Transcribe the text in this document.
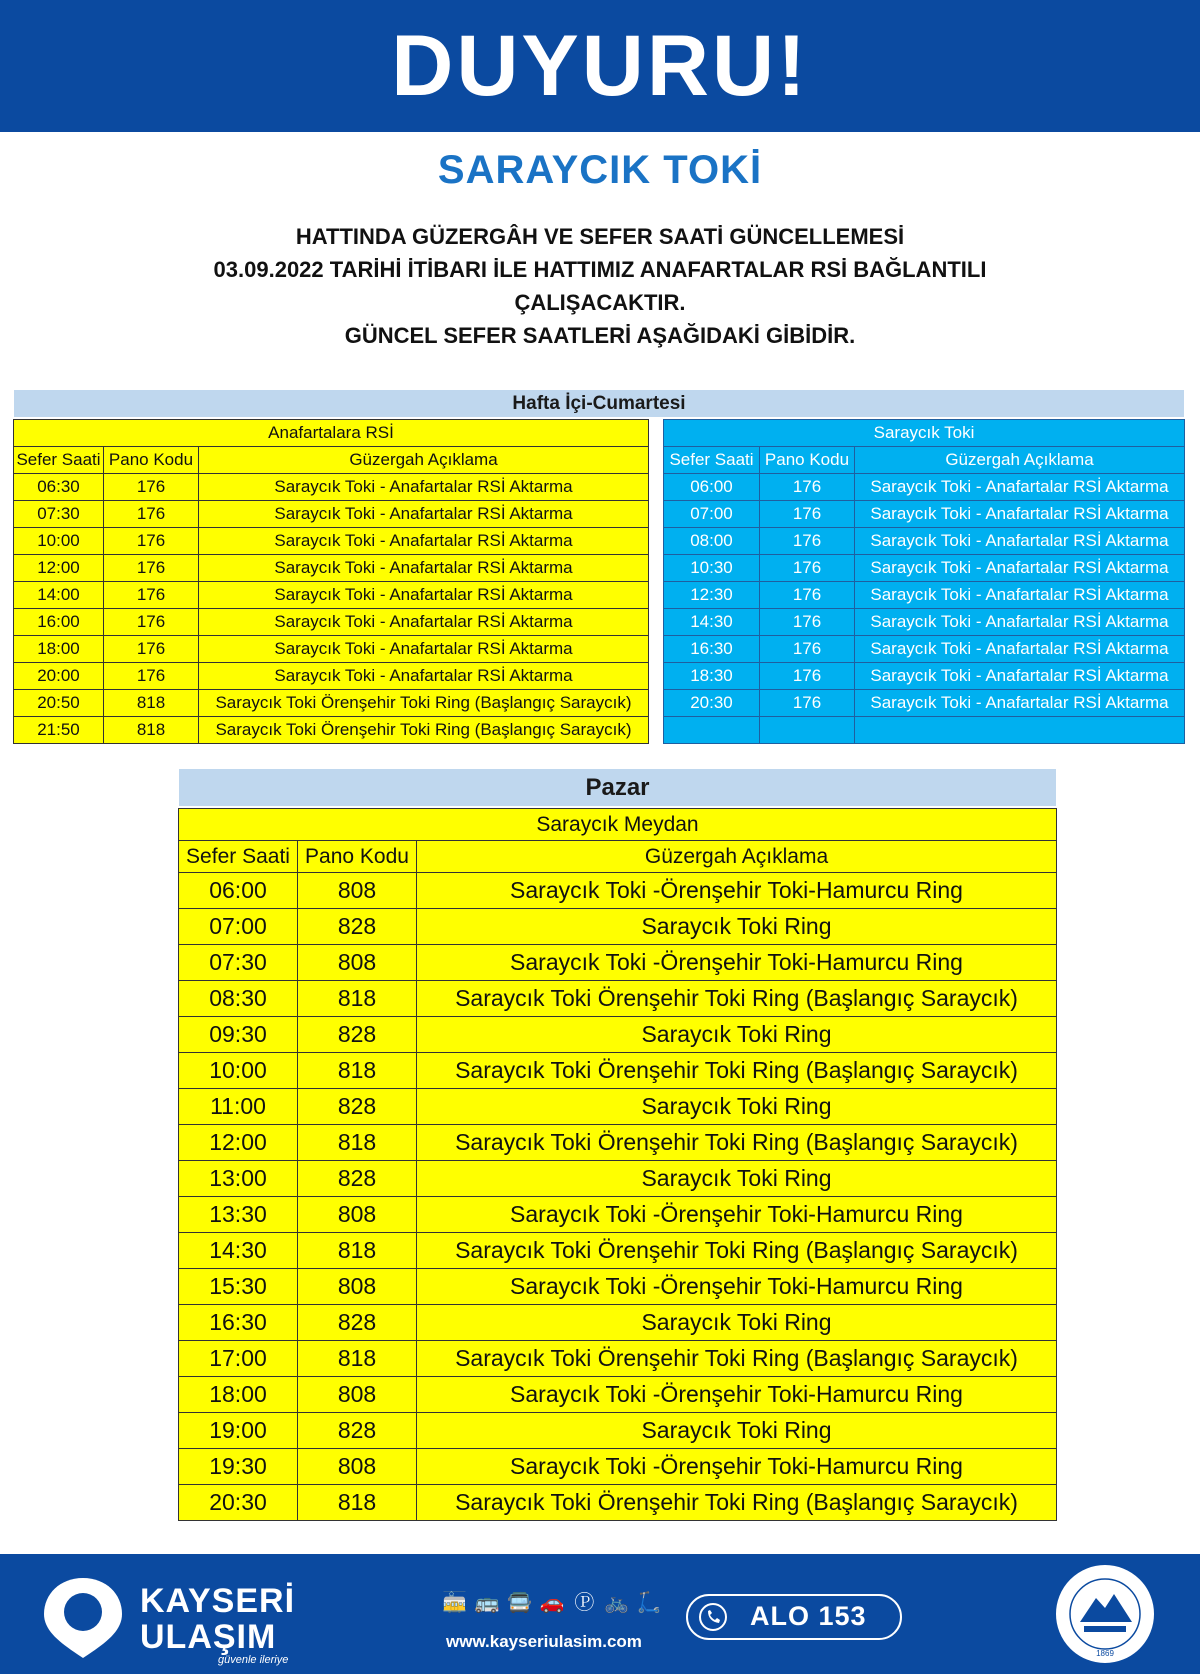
DUYURU!
SARAYCIK TOKİ
HATTINDA GÜZERGÂH VE SEFER SAATİ GÜNCELLEMESİ
03.09.2022 TARİHİ İTİBARI İLE HATTIMIZ ANAFARTALAR RSİ BAĞLANTILI
ÇALIŞACAKTIR.
GÜNCEL SEFER SAATLERİ AŞAĞIDAKİ GİBİDİR.
Hafta İçi-Cumartesi
Anafartalara RSİ		
Sefer Saati	Pano Kodu	Güzergah Açıklama
06:30	176	Saraycık Toki - Anafartalar RSİ Aktarma
07:30	176	Saraycık Toki - Anafartalar RSİ Aktarma
10:00	176	Saraycık Toki - Anafartalar RSİ Aktarma
12:00	176	Saraycık Toki - Anafartalar RSİ Aktarma
14:00	176	Saraycık Toki - Anafartalar RSİ Aktarma
16:00	176	Saraycık Toki - Anafartalar RSİ Aktarma
18:00	176	Saraycık Toki - Anafartalar RSİ Aktarma
20:00	176	Saraycık Toki - Anafartalar RSİ Aktarma
20:50	818	Saraycık Toki Örenşehir Toki Ring (Başlangıç Saraycık)
21:50	818	Saraycık Toki Örenşehir Toki Ring (Başlangıç Saraycık)
Saraycık Toki		
Sefer Saati	Pano Kodu	Güzergah Açıklama
06:00	176	Saraycık Toki - Anafartalar RSİ Aktarma
07:00	176	Saraycık Toki - Anafartalar RSİ Aktarma
08:00	176	Saraycık Toki - Anafartalar RSİ Aktarma
10:30	176	Saraycık Toki - Anafartalar RSİ Aktarma
12:30	176	Saraycık Toki - Anafartalar RSİ Aktarma
14:30	176	Saraycık Toki - Anafartalar RSİ Aktarma
16:30	176	Saraycık Toki - Anafartalar RSİ Aktarma
18:30	176	Saraycık Toki - Anafartalar RSİ Aktarma
20:30	176	Saraycık Toki - Anafartalar RSİ Aktarma

Pazar
Saraycık Meydan		
Sefer Saati	Pano Kodu	Güzergah Açıklama
06:00	808	Saraycık Toki -Örenşehir Toki-Hamurcu Ring
07:00	828	Saraycık Toki Ring
07:30	808	Saraycık Toki -Örenşehir Toki-Hamurcu Ring
08:30	818	Saraycık Toki Örenşehir Toki Ring (Başlangıç Saraycık)
09:30	828	Saraycık Toki Ring
10:00	818	Saraycık Toki Örenşehir Toki Ring (Başlangıç Saraycık)
11:00	828	Saraycık Toki Ring
12:00	818	Saraycık Toki Örenşehir Toki Ring (Başlangıç Saraycık)
13:00	828	Saraycık Toki Ring
13:30	808	Saraycık Toki -Örenşehir Toki-Hamurcu Ring
14:30	818	Saraycık Toki Örenşehir Toki Ring (Başlangıç Saraycık)
15:30	808	Saraycık Toki -Örenşehir Toki-Hamurcu Ring
16:30	828	Saraycık Toki Ring
17:00	818	Saraycık Toki Örenşehir Toki Ring (Başlangıç Saraycık)
18:00	808	Saraycık Toki -Örenşehir Toki-Hamurcu Ring
19:00	828	Saraycık Toki Ring
19:30	808	Saraycık Toki -Örenşehir Toki-Hamurcu Ring
20:30	818	Saraycık Toki Örenşehir Toki Ring (Başlangıç Saraycık)
KAYSERİ
ULAŞIM
güvenle ileriye
🚋 🚌 🚍 🚗 Ⓟ 🚲 🛴
www.kayseriulasim.com
ALO 153
1869
